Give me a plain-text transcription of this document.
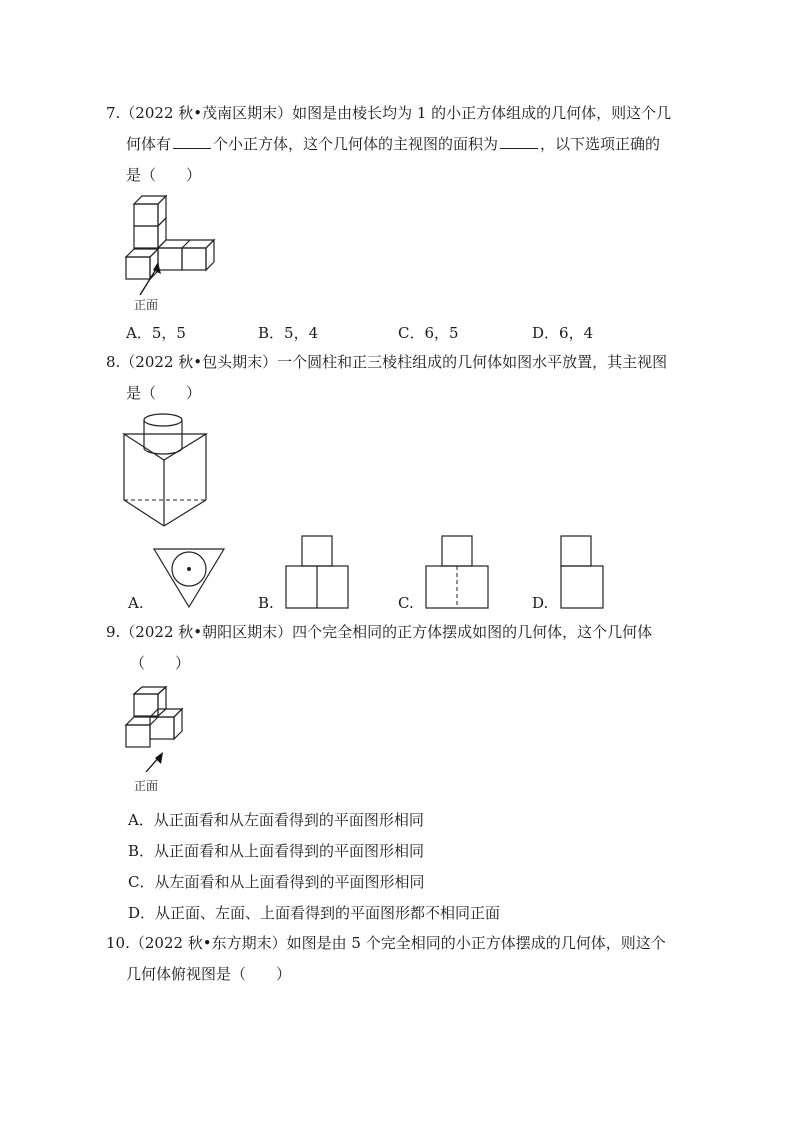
7.（2022 秋•茂南区期末）如图是由棱长均为 1 的小正方体组成的几何体，则这个几
何体有	个小正方体，这个几何体的主视图的面积为	，以下选项正确的
是（　　）
正面
A．5，5	B．5，4	C．6，5	D．6，4
8.（2022 秋•包头期末）一个圆柱和正三棱柱组成的几何体如图水平放置，其主视图
是（　　）
A.	B.	C.	D.
9.（2022 秋•朝阳区期末）四个完全相同的正方体摆成如图的几何体，这个几何体
（　　）
正面
A．从正面看和从左面看得到的平面图形相同
B．从正面看和从上面看得到的平面图形相同
C．从左面看和从上面看得到的平面图形相同
D．从正面、左面、上面看得到的平面图形都不相同正面
10.（2022 秋•东方期末）如图是由 5 个完全相同的小正方体摆成的几何体，则这个
几何体俯视图是（　　）
